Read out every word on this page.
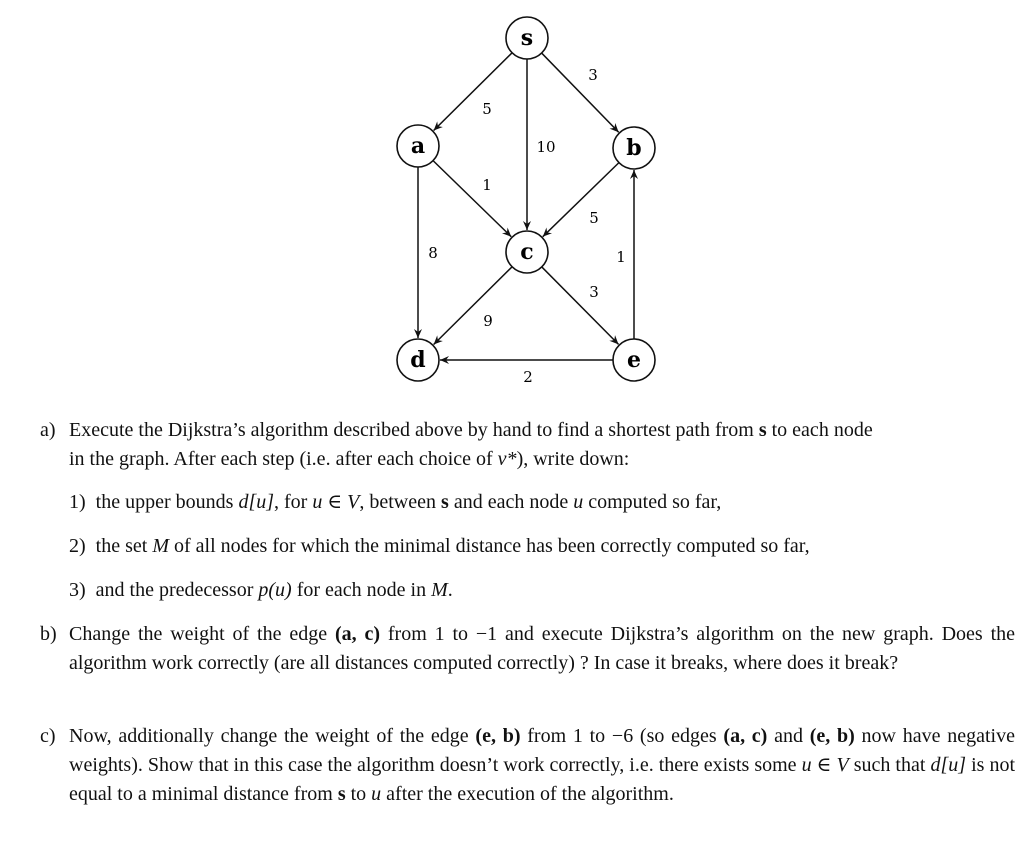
5
10
3
1
5
8
9
3
1
2
s
a	b
c
d	e
a) Execute the Dijkstra’s algorithm described above by hand to find a shortest path from s to each node
in the graph. After each step (i.e. after each choice of v*), write down:
1) the upper bounds d[u], for u ∈ V, between s and each node u computed so far,
2) the set M of all nodes for which the minimal distance has been correctly computed so far,
3) and the predecessor p(u) for each node in M.
b) Change the weight of the edge (a, c) from 1 to −1 and execute Dijkstra’s algorithm on the new graph. Does the algorithm work correctly (are all distances computed correctly) ? In case it breaks, where does it break?
c) Now, additionally change the weight of the edge (e, b) from 1 to −6 (so edges (a, c) and (e, b) now have negative weights). Show that in this case the algorithm doesn’t work correctly, i.e. there exists some u ∈ V such that d[u] is not equal to a minimal distance from s to u after the execution of the algorithm.
